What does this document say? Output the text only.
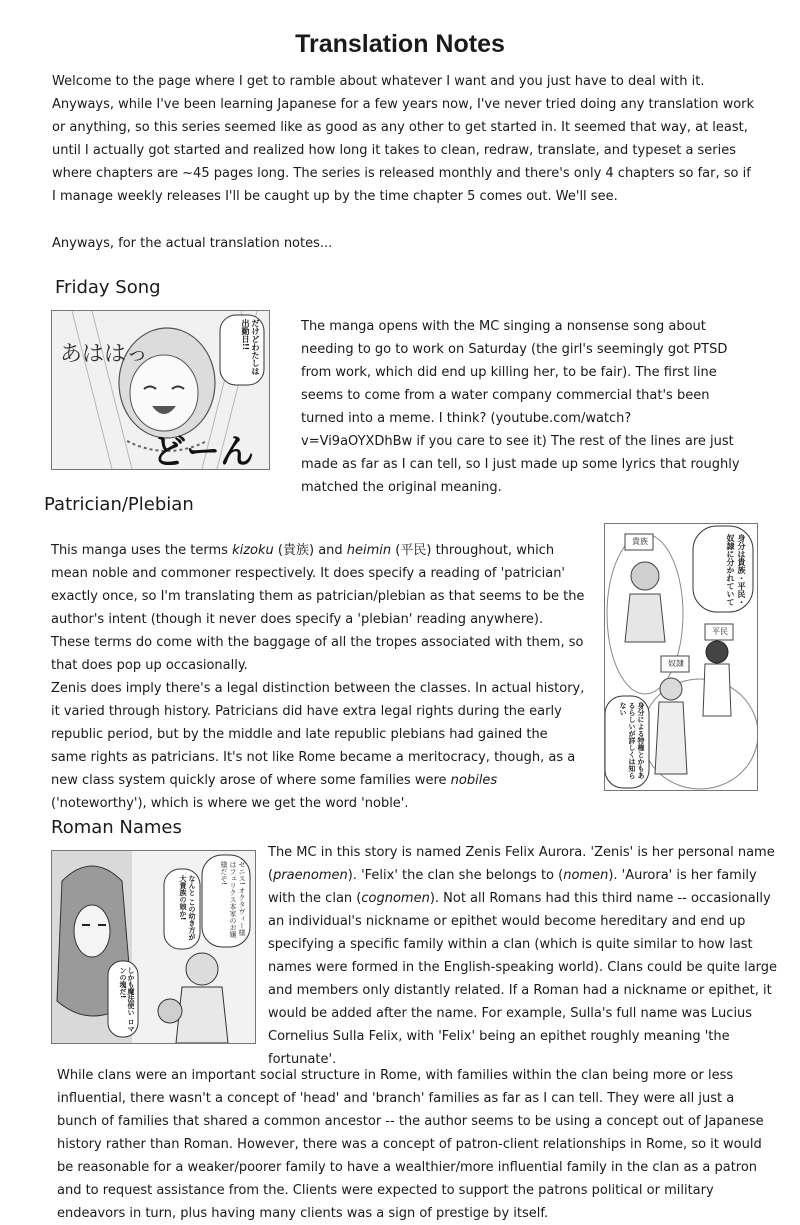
Translation Notes

Welcome to the page where I get to ramble about whatever I want and you just have to deal with it. Anyways, while I've been learning Japanese for a few years now, I've never tried doing any translation work or anything, so this series seemed like as good as any other to get started in. It seemed that way, at least, until I actually got started and realized how long it takes to clean, redraw, translate, and typeset a series where chapters are ~45 pages long. The series is released monthly and there's only 4 chapters so far, so if I manage weekly releases I'll be caught up by the time chapter 5 comes out. We'll see.

Anyways, for the actual translation notes...

Friday Song
あははっ
どーん
だけどわたしは出勤日!!	The manga opens with the MC singing a nonsense song about needing to go to work on Saturday (the girl's seemingly got PTSD from work, which did end up killing her, to be fair). The first line seems to come from a water company commercial that's been turned into a meme. I think? (youtube.com/watch?v=Vi9aOYXDhBw if you care to see it) The rest of the lines are just made as far as I can tell, so I just made up some lyrics that roughly matched the original meaning.

Patrician/Plebian

This manga uses the terms kizoku (貴族) and heimin (平民) throughout, which mean noble and commoner respectively. It does specify a reading of 'patrician' exactly once, so I'm translating them as patrician/plebian as that seems to be the author's intent (though it never does specify a 'plebian' reading anywhere). These terms do come with the baggage of all the tropes associated with them, so that does pop up occasionally.

Zenis does imply there's a legal distinction between the classes. In actual history, it varied through history. Patricians did have extra legal rights during the early republic period, but by the middle and late republic plebians had gained the same rights as patricians. It's not like Rome became a meritocracy, though, as a new class system quickly arose of where some families were nobiles ('noteworthy'), which is where we get the word 'noble'.

貴族
平民
奴隷
身分は貴族・平民・奴隷に分かれていて
身分による特権とかもあるらしいが詳しくは知らない
Roman Names
ゼニス! オクタヴィー様はフェリクス本家のお嬢様だぞ!
なんと この幼き方が 大貴族の娘か!
しかも魔法使い ロマンの塊だ!

The MC in this story is named Zenis Felix Aurora. 'Zenis' is her personal name (praenomen). 'Felix' the clan she belongs to (nomen). 'Aurora' is her family with the clan (cognomen). Not all Romans had this third name -- occasionally an individual's nickname or epithet would become hereditary and end up specifying a specific family within a clan (which is quite similar to how last names were formed in the English-speaking world). Clans could be quite large and members only distantly related. If a Roman had a nickname or epithet, it would be added after the name. For example, Sulla's full name was Lucius Cornelius Sulla Felix, with 'Felix' being an epithet roughly meaning 'the fortunate'.

While clans were an important social structure in Rome, with families within the clan being more or less influential, there wasn't a concept of 'head' and 'branch' families as far as I can tell. They were all just a bunch of families that shared a common ancestor -- the author seems to be using a concept out of Japanese history rather than Roman. However, there was a concept of patron-client relationships in Rome, so it would be reasonable for a weaker/poorer family to have a wealthier/more influential family in the clan as a patron and to request assistance from the. Clients were expected to support the patrons political or military endeavors in turn, plus having many clients was a sign of prestige by itself.
